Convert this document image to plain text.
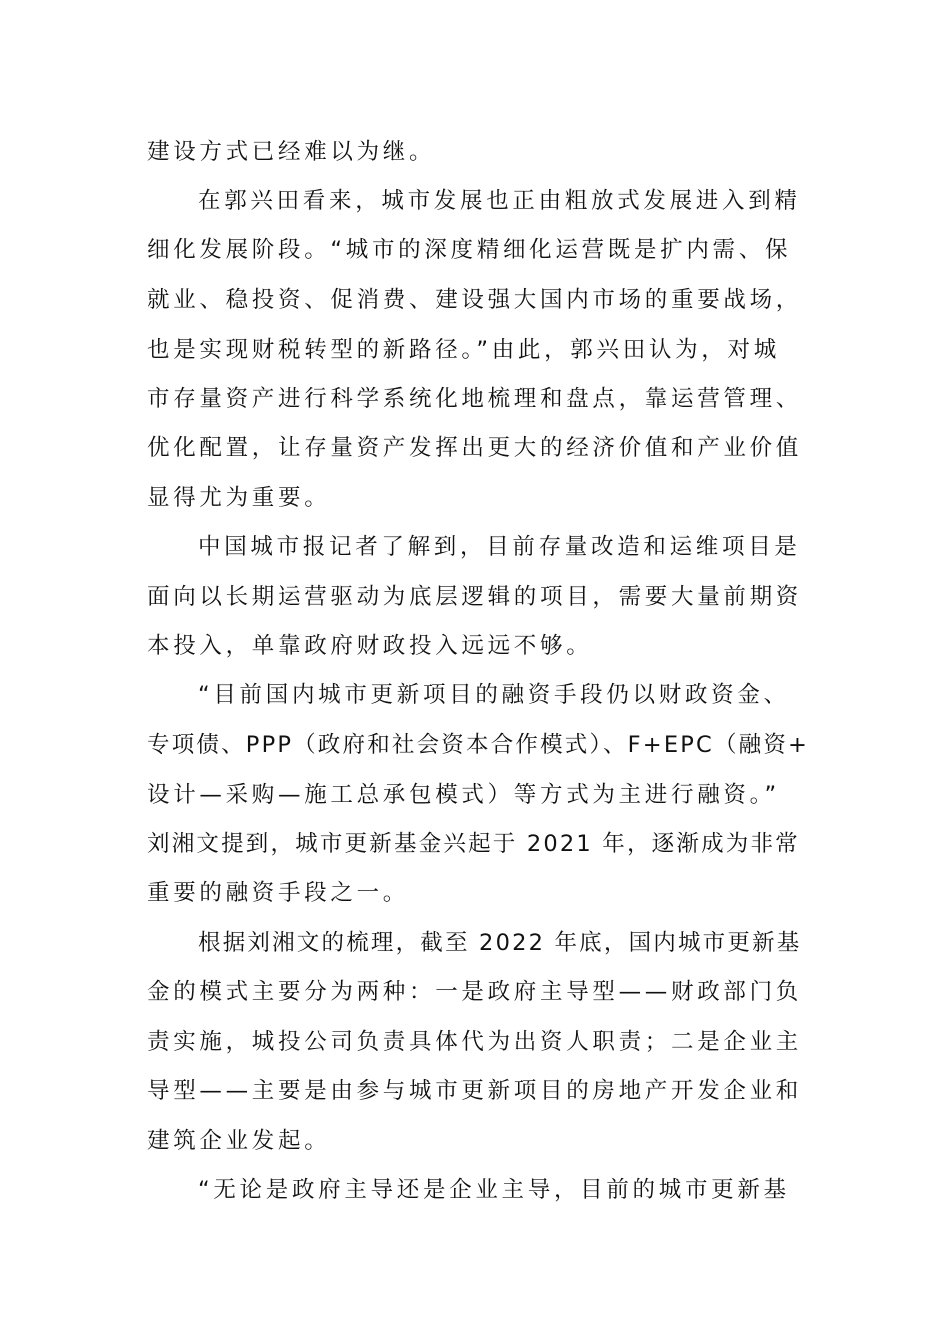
建设方式已经难以为继。

在郭兴田看来，城市发展也正由粗放式发展进入到精

细化发展阶段。“城市的深度精细化运营既是扩内需、保

就业、稳投资、促消费、建设强大国内市场的重要战场，

也是实现财税转型的新路径。”由此，郭兴田认为，对城

市存量资产进行科学系统化地梳理和盘点，靠运营管理、

优化配置，让存量资产发挥出更大的经济价值和产业价值

显得尤为重要。

中国城市报记者了解到，目前存量改造和运维项目是

面向以长期运营驱动为底层逻辑的项目，需要大量前期资

本投入，单靠政府财政投入远远不够。

“目前国内城市更新项目的融资手段仍以财政资金、

专项债、PPP（政府和社会资本合作模式）、F+EPC（融资+

设计—采购—施工总承包模式）等方式为主进行融资。”

刘湘文提到，城市更新基金兴起于 2021 年，逐渐成为非常

重要的融资手段之一。

根据刘湘文的梳理，截至 2022 年底，国内城市更新基

金的模式主要分为两种：一是政府主导型——财政部门负

责实施，城投公司负责具体代为出资人职责；二是企业主

导型——主要是由参与城市更新项目的房地产开发企业和

建筑企业发起。

“无论是政府主导还是企业主导，目前的城市更新基
